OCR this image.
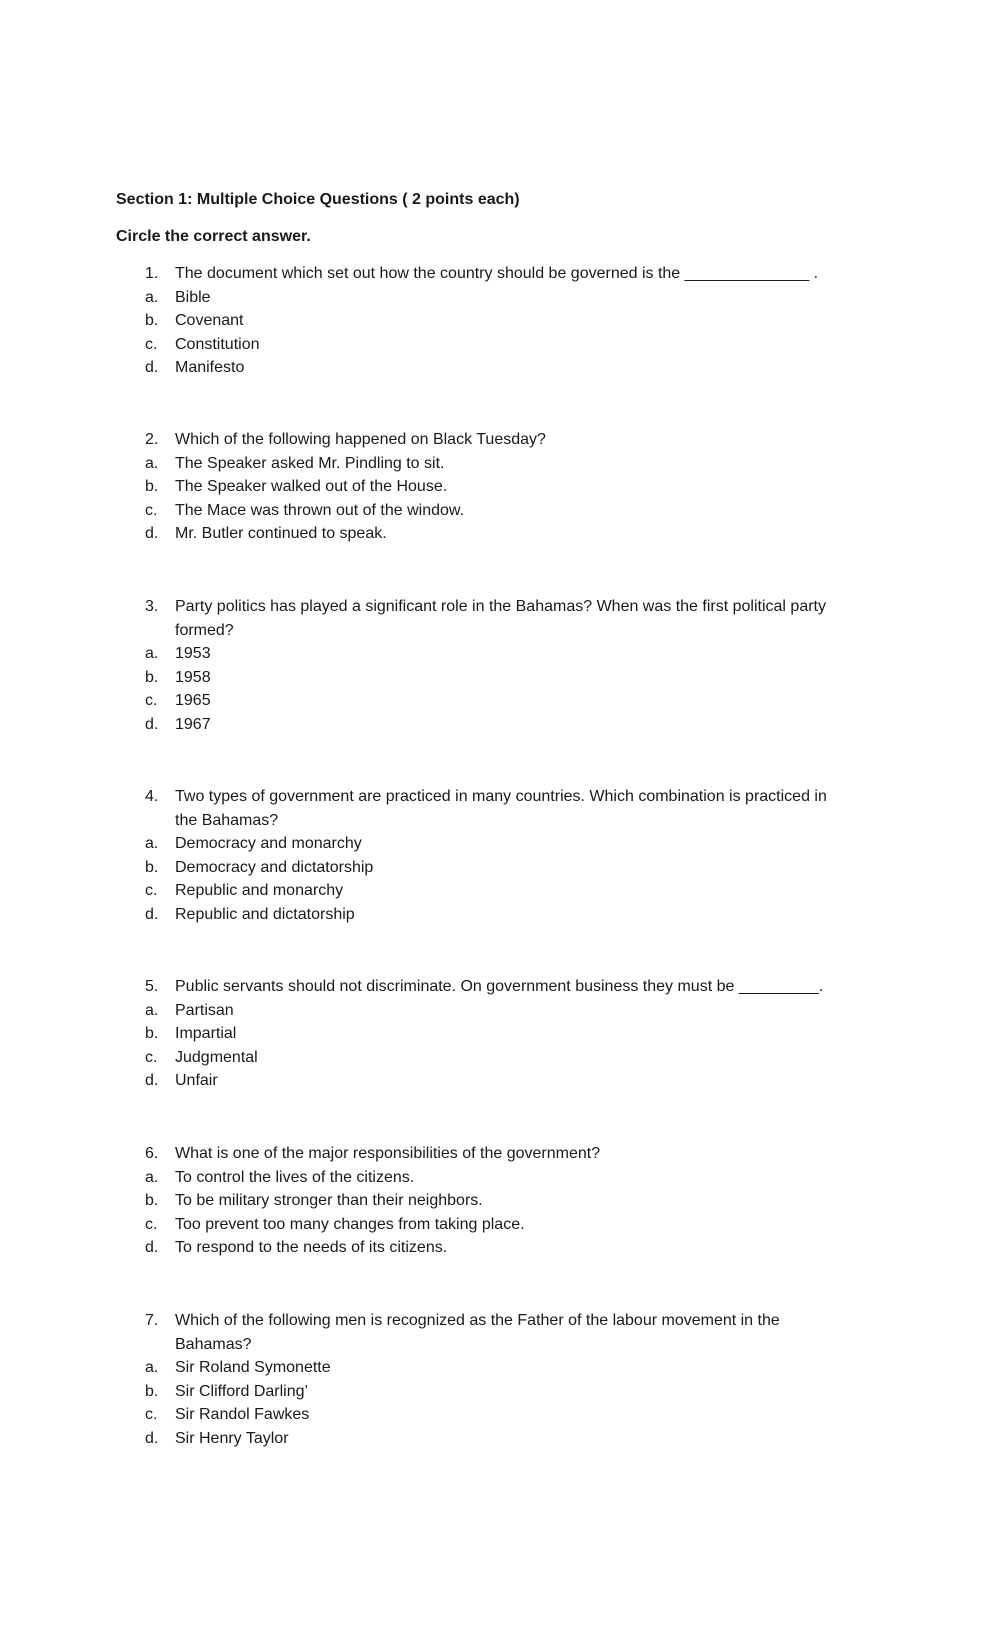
Section 1: Multiple Choice Questions ( 2 points each)
Circle the correct answer.
1.	The document which set out how the country should be governed is the ______________ .
a.	Bible
b.	Covenant
c.	Constitution
d.	Manifesto
2.	Which of the following happened on Black Tuesday?
a.	The Speaker asked Mr. Pindling to sit.
b.	The Speaker walked out of the House.
c.	The Mace was thrown out of the window.
d.	Mr. Butler continued to speak.
3.	Party politics has played a significant role in the Bahamas? When was the first political party
formed?
a.	1953
b.	1958
c.	1965
d.	1967
4.	Two types of government are practiced in many countries. Which combination is practiced in
the Bahamas?
a.	Democracy and monarchy
b.	Democracy and dictatorship
c.	Republic and monarchy
d.	Republic and dictatorship
5.	Public servants should not discriminate. On government business they must be _________.
a.	Partisan
b.	Impartial
c.	Judgmental
d.	Unfair
6.	What is one of the major responsibilities of the government?
a.	To control the lives of the citizens.
b.	To be military stronger than their neighbors.
c.	Too prevent too many changes from taking place.
d.	To respond to the needs of its citizens.
7.	Which of the following men is recognized as the Father of the labour movement in the
Bahamas?
a.	Sir Roland Symonette
b.	Sir Clifford Darling’
c.	Sir Randol Fawkes
d.	Sir Henry Taylor
